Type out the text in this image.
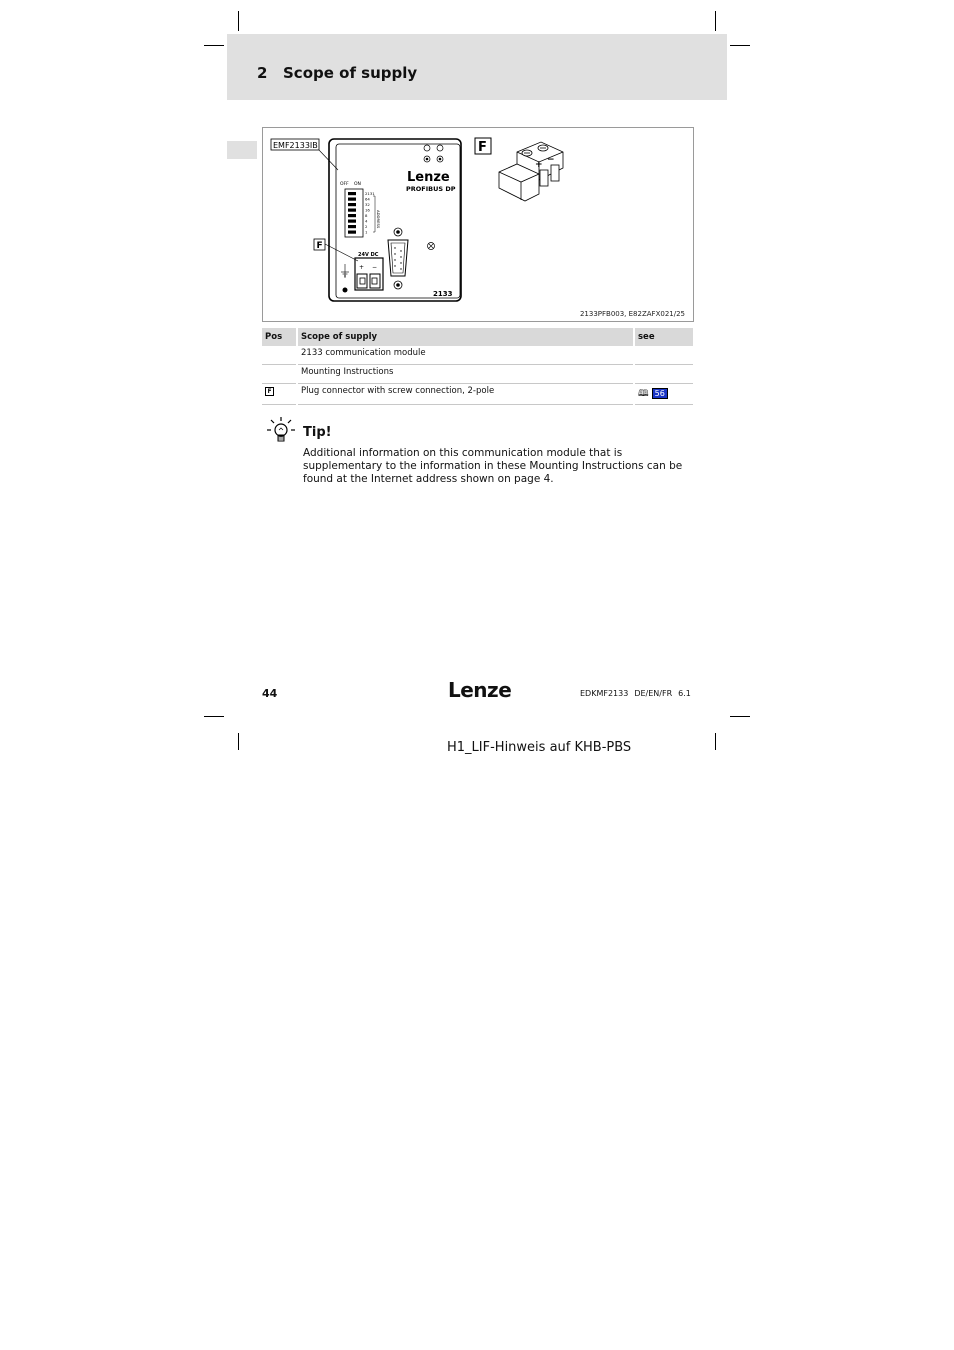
2 Scope of supply
EMF2133IB
Lenze
PROFIBUS DP
OFF ON
2131
64
32
16
8
4
2
1
ADDRESS
24V DC
+ −
F
2133
F
+ −
2133PFB003, E82ZAFX021/25
Pos	Scope of supply	see
	2133 communication module	
	Mounting Instructions	
F	Plug connector with screw connection, 2-pole	🕮 56
Tip!
Additional information on this communication module that is supplementary to the information in these Mounting Instructions can be found at the Internet address shown on page 4.
44	Lenze	EDKMF2133 DE/EN/FR 6.1
H1_LIF-Hinweis auf KHB-PBS
